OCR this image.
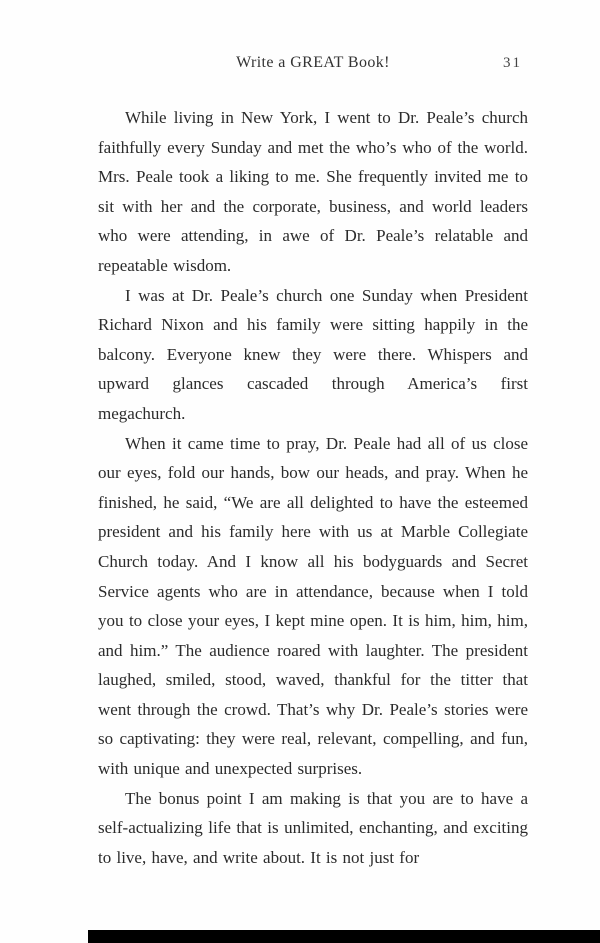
Write a GREAT Book!	31

While living in New York, I went to Dr. Peale’s church faithfully every Sunday and met the who’s who of the world. Mrs. Peale took a liking to me. She frequently invited me to sit with her and the corporate, business, and world leaders who were attending, in awe of Dr. Peale’s relatable and repeatable wisdom.

I was at Dr. Peale’s church one Sunday when President Richard Nixon and his family were sitting happily in the balcony. Everyone knew they were there. Whispers and upward glances cascaded through America’s first megachurch.

When it came time to pray, Dr. Peale had all of us close our eyes, fold our hands, bow our heads, and pray. When he finished, he said, “We are all delighted to have the esteemed president and his family here with us at Marble Collegiate Church today. And I know all his bodyguards and Secret Service agents who are in attendance, because when I told you to close your eyes, I kept mine open. It is him, him, him, and him.” The audience roared with laughter. The president laughed, smiled, stood, waved, thankful for the titter that went through the crowd. That’s why Dr. Peale’s stories were so captivating: they were real, relevant, compelling, and fun, with unique and unexpected surprises.

The bonus point I am making is that you are to have a self-actualizing life that is unlimited, enchanting, and exciting to live, have, and write about. It is not just for
